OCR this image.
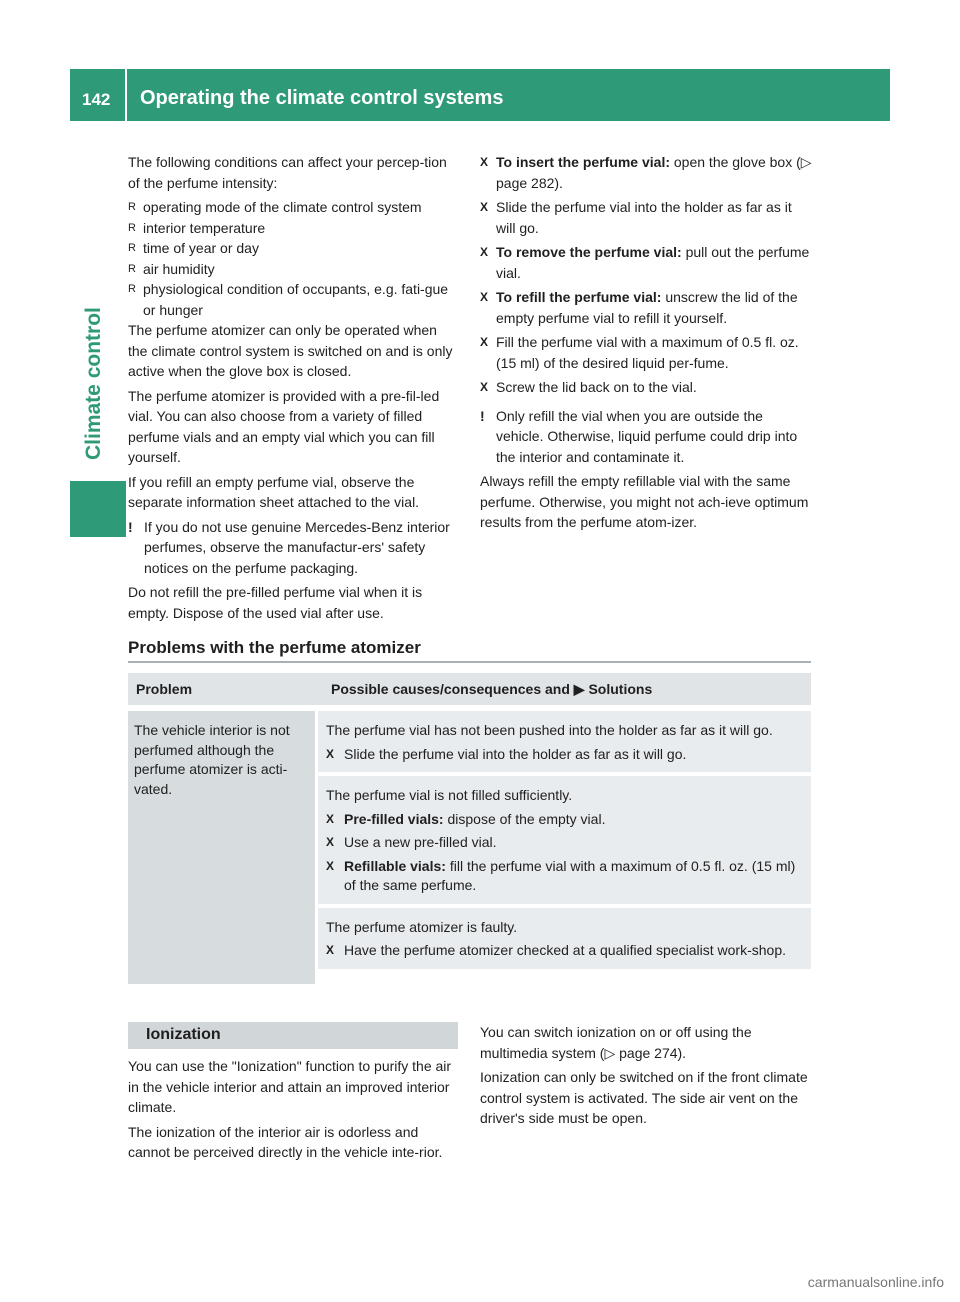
142 Operating the climate control systems
Climate control

The following conditions can affect your percep-tion of the perfume intensity:

R operating mode of the climate control system
R interior temperature
R time of year or day
R air humidity
R physiological condition of occupants, e.g. fati-gue or hunger

The perfume atomizer can only be operated when the climate control system is switched on and is only active when the glove box is closed.

The perfume atomizer is provided with a pre-fil-led vial. You can also choose from a variety of filled perfume vials and an empty vial which you can fill yourself.

If you refill an empty perfume vial, observe the separate information sheet attached to the vial.

! If you do not use genuine Mercedes-Benz interior perfumes, observe the manufactur-ers' safety notices on the perfume packaging.

Do not refill the pre-filled perfume vial when it is empty. Dispose of the used vial after use.

X To insert the perfume vial: open the glove box (▷ page 282).
X Slide the perfume vial into the holder as far as it will go.
X To remove the perfume vial: pull out the perfume vial.
X To refill the perfume vial: unscrew the lid of the empty perfume vial to refill it yourself.
X Fill the perfume vial with a maximum of 0.5 fl. oz. (15 ml) of the desired liquid per-fume.
X Screw the lid back on to the vial.
! Only refill the vial when you are outside the vehicle. Otherwise, liquid perfume could drip into the interior and contaminate it.

Always refill the empty refillable vial with the same perfume. Otherwise, you might not ach-ieve optimum results from the perfume atom-izer.

Problems with the perfume atomizer
Problem	Possible causes/consequences and ▶ Solutions
The vehicle interior is not perfumed although the perfume atomizer is acti-vated.

The perfume vial has not been pushed into the holder as far as it will go.

X Slide the perfume vial into the holder as far as it will go.

The perfume vial is not filled sufficiently.

X Pre-filled vials: dispose of the empty vial.
X Use a new pre-filled vial.
X Refillable vials: fill the perfume vial with a maximum of 0.5 fl. oz. (15 ml) of the same perfume.

The perfume atomizer is faulty.

X Have the perfume atomizer checked at a qualified specialist work-shop.
Ionization

You can use the "Ionization" function to purify the air in the vehicle interior and attain an improved interior climate.

The ionization of the interior air is odorless and cannot be perceived directly in the vehicle inte-rior.

You can switch ionization on or off using the multimedia system (▷ page 274).

Ionization can only be switched on if the front climate control system is activated. The side air vent on the driver's side must be open.

carmanualsonline.info
